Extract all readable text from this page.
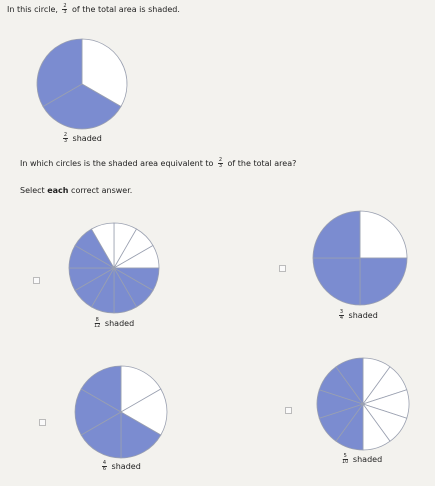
In this circle, $\frac{2}{3}$ of the total area is shaded.
$\frac{2}{3}$ shaded
In which circles is the shaded area equivalent to $\frac{2}{3}$ of the total area?
Select each correct answer.
$\frac{8}{12}$ shaded
$\frac{3}{4}$ shaded
$\frac{4}{6}$ shaded
$\frac{5}{10}$ shaded
